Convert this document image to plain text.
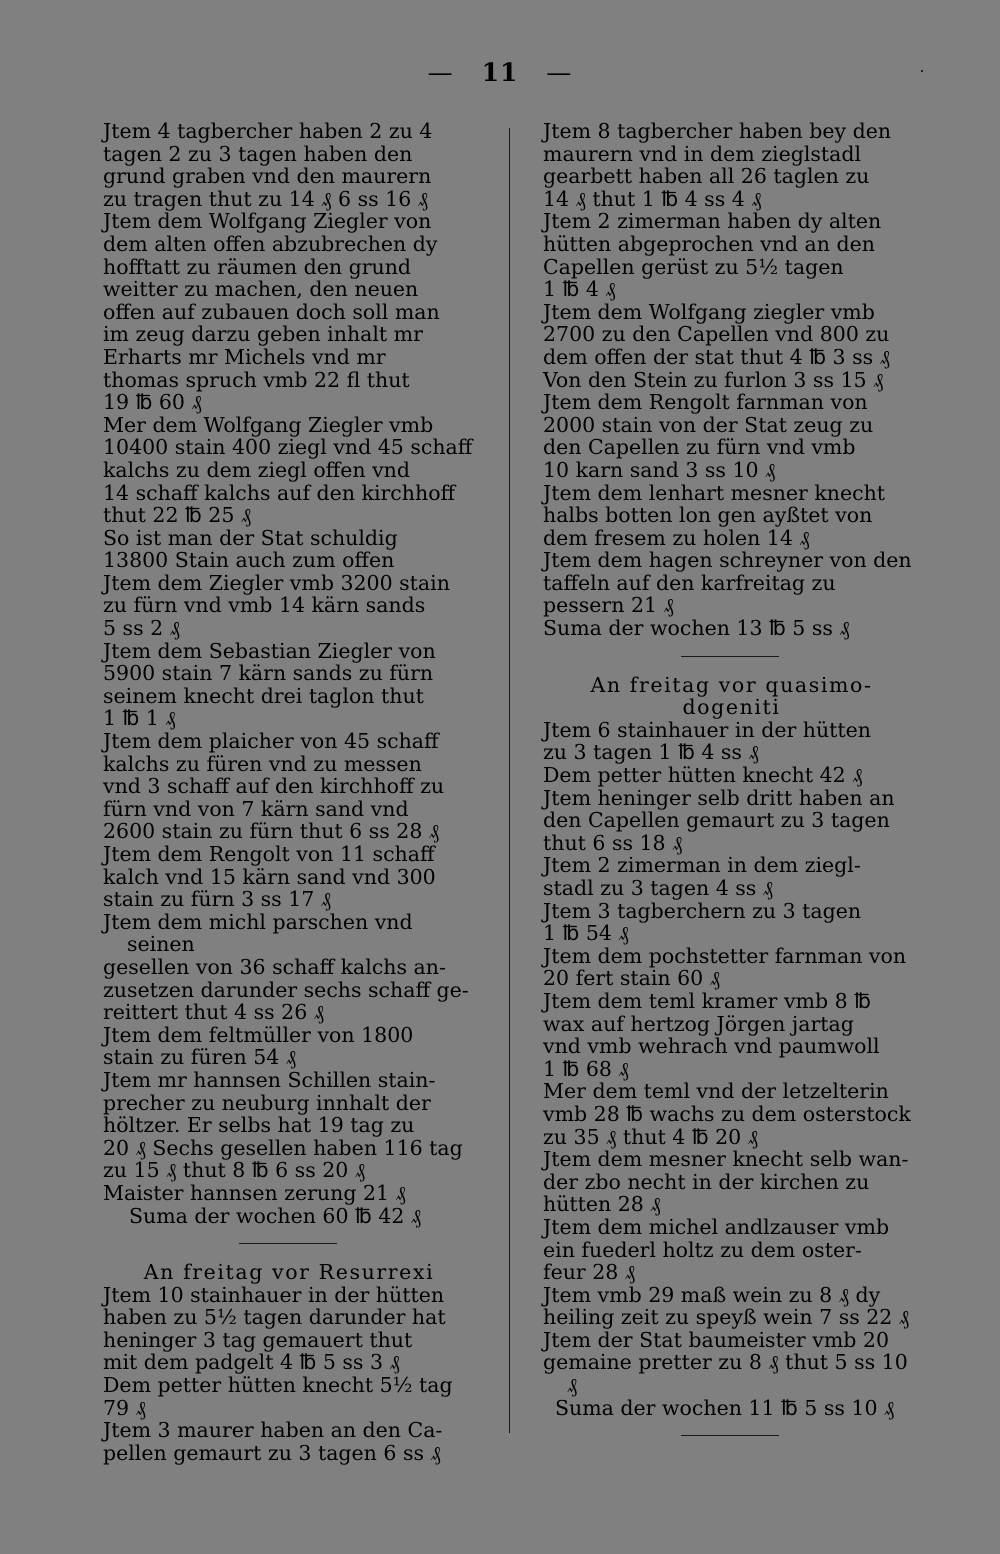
— 11 —

Jtem 4 tagbercher haben 2 zu 4
tagen 2 zu 3 tagen haben den
grund graben vnd den maurern
zu tragen thut zu 14 ₰ 6 ss 16 ₰

Jtem dem Wolfgang Ziegler von
dem alten offen abzubrechen dy
hofftatt zu räumen den grund
weitter zu machen, den neuen
offen auf zubauen doch soll man
im zeug darzu geben inhalt mr
Erharts mr Michels vnd mr
thomas spruch vmb 22 fl thut
19 ℔ 60 ₰

Mer dem Wolfgang Ziegler vmb
10400 stain 400 ziegl vnd 45 schaff
kalchs zu dem ziegl offen vnd
14 schaff kalchs auf den kirchhoff
thut 22 ℔ 25 ₰

So ist man der Stat schuldig
13800 Stain auch zum offen

Jtem dem Ziegler vmb 3200 stain
zu fürn vnd vmb 14 kärn sands
5 ss 2 ₰

Jtem dem Sebastian Ziegler von
5900 stain 7 kärn sands zu fürn
seinem knecht drei taglon thut
1 ℔ 1 ₰

Jtem dem plaicher von 45 schaff
kalchs zu füren vnd zu messen
vnd 3 schaff auf den kirchhoff zu
fürn vnd von 7 kärn sand vnd
2600 stain zu fürn thut 6 ss 28 ₰

Jtem dem Rengolt von 11 schaff
kalch vnd 15 kärn sand vnd 300
stain zu fürn 3 ss 17 ₰

Jtem dem michl parschen vnd seinen
gesellen von 36 schaff kalchs an-
zusetzen darunder sechs schaff ge-
reittert thut 4 ss 26 ₰

Jtem dem feltmüller von 1800
stain zu füren 54 ₰

Jtem mr hannsen Schillen stain-
precher zu neuburg innhalt der
höltzer. Er selbs hat 19 tag zu
20 ₰ Sechs gesellen haben 116 tag
zu 15 ₰ thut 8 ℔ 6 ss 20 ₰

Maister hannsen zerung 21 ₰

Suma der wochen 60 ℔ 42 ₰

An freitag vor Resurrexi

Jtem 10 stainhauer in der hütten
haben zu 5½ tagen darunder hat
heninger 3 tag gemauert thut
mit dem padgelt 4 ℔ 5 ss 3 ₰

Dem petter hütten knecht 5½ tag
79 ₰

Jtem 3 maurer haben an den Ca-
pellen gemaurt zu 3 tagen 6 ss ₰

Jtem 8 tagbercher haben bey den
maurern vnd in dem zieglstadl
gearbett haben all 26 taglen zu
14 ₰ thut 1 ℔ 4 ss 4 ₰

Jtem 2 zimerman haben dy alten
hütten abgeprochen vnd an den
Capellen gerüst zu 5½ tagen
1 ℔ 4 ₰

Jtem dem Wolfgang ziegler vmb
2700 zu den Capellen vnd 800 zu
dem offen der stat thut 4 ℔ 3 ss ₰

Von den Stein zu furlon 3 ss 15 ₰

Jtem dem Rengolt farnman von
2000 stain von der Stat zeug zu
den Capellen zu fürn vnd vmb
10 karn sand 3 ss 10 ₰

Jtem dem lenhart mesner knecht
halbs botten lon gen ayßtet von
dem fresem zu holen 14 ₰

Jtem dem hagen schreyner von den
taffeln auf den karfreitag zu
pessern 21 ₰

Suma der wochen 13 ℔ 5 ss ₰

An freitag vor quasimo-
dogeniti

Jtem 6 stainhauer in der hütten
zu 3 tagen 1 ℔ 4 ss ₰

Dem petter hütten knecht 42 ₰

Jtem heninger selb dritt haben an
den Capellen gemaurt zu 3 tagen
thut 6 ss 18 ₰

Jtem 2 zimerman in dem ziegl-
stadl zu 3 tagen 4 ss ₰

Jtem 3 tagberchern zu 3 tagen
1 ℔ 54 ₰

Jtem dem pochstetter farnman von
20 fert stain 60 ₰

Jtem dem teml kramer vmb 8 ℔
wax auf hertzog Jörgen jartag
vnd vmb wehrach vnd paumwoll
1 ℔ 68 ₰

Mer dem teml vnd der letzelterin
vmb 28 ℔ wachs zu dem osterstock
zu 35 ₰ thut 4 ℔ 20 ₰

Jtem dem mesner knecht selb wan-
der zbo necht in der kirchen zu
hütten 28 ₰

Jtem dem michel andlzauser vmb
ein fuederl holtz zu dem oster-
feur 28 ₰

Jtem vmb 29 maß wein zu 8 ₰ dy
heiling zeit zu speyß wein 7 ss 22 ₰

Jtem der Stat baumeister vmb 20
gemaine pretter zu 8 ₰ thut 5 ss 10 ₰

Suma der wochen 11 ℔ 5 ss 10 ₰
